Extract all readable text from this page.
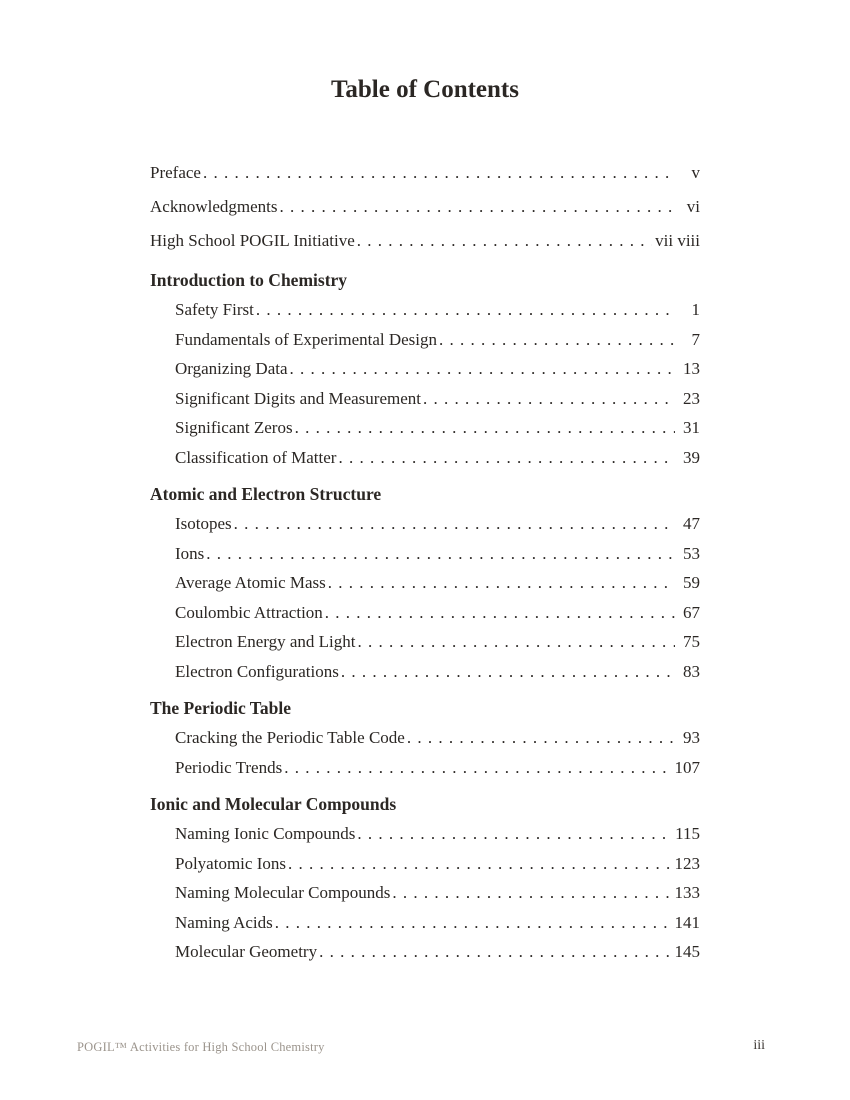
Table of Contents
Preface . . .	v
Acknowledgments . . .	vi
High School POGIL Initiative . . .	vii viii
Introduction to Chemistry
Safety First . . .	1
Fundamentals of Experimental Design . . .	7
Organizing Data . . .	13
Significant Digits and Measurement . . .	23
Significant Zeros . . .	31
Classification of Matter . . .	39
Atomic and Electron Structure
Isotopes . . .	47
Ions . . .	53
Average Atomic Mass . . .	59
Coulombic Attraction . . .	67
Electron Energy and Light . . .	75
Electron Configurations . . .	83
The Periodic Table
Cracking the Periodic Table Code . . .	93
Periodic Trends . . .	107
Ionic and Molecular Compounds
Naming Ionic Compounds . . .	115
Polyatomic Ions . . .	123
Naming Molecular Compounds . . .	133
Naming Acids . . .	141
Molecular Geometry . . .	145
POGIL™ Activities for High School Chemistry	iii
